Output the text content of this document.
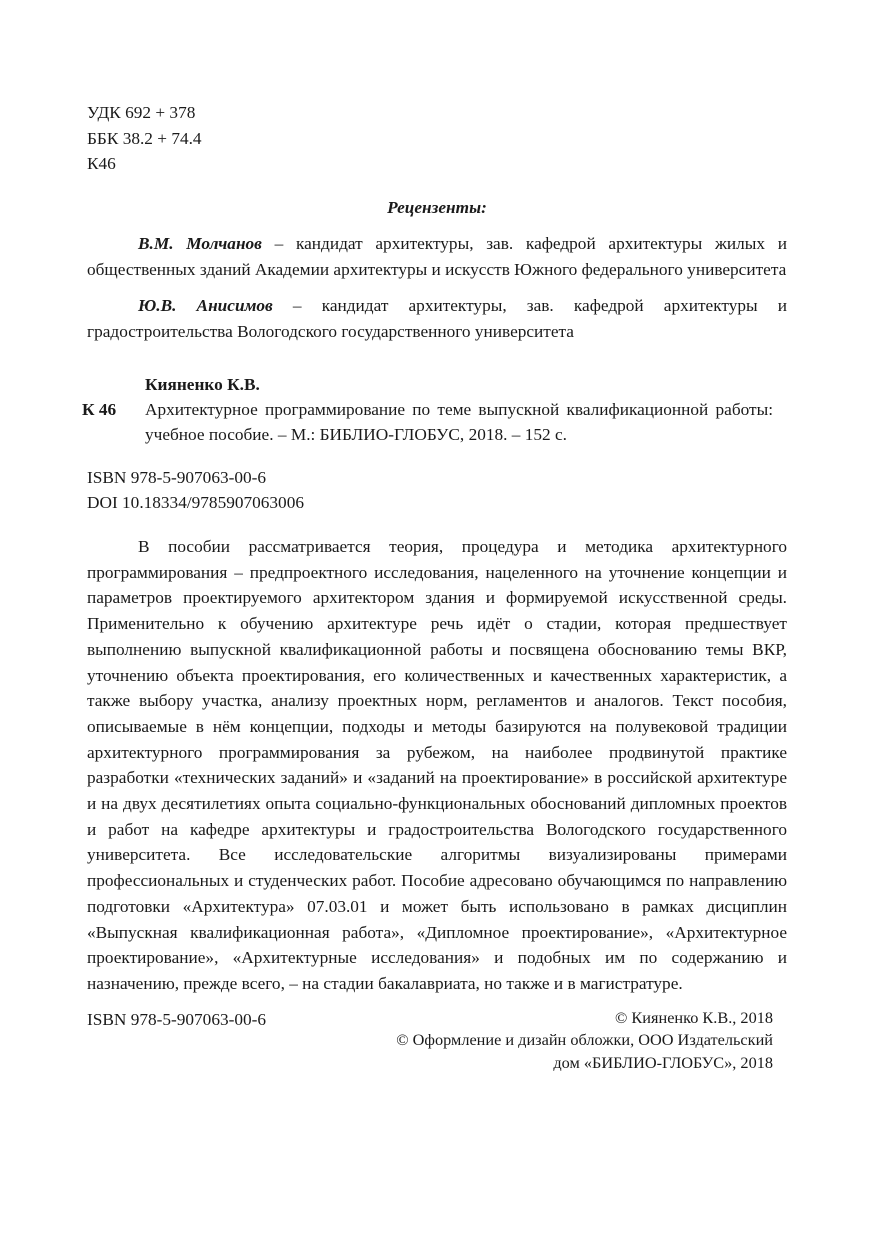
УДК 692 + 378
ББК 38.2 + 74.4
К46
Рецензенты:
В.М. Молчанов – кандидат архитектуры, зав. кафедрой архитектуры жилых и общественных зданий Академии архитектуры и искусств Южного федерального университета
Ю.В. Анисимов – кандидат архитектуры, зав. кафедрой архитектуры и градостроительства Вологодского государственного университета
К 46
Кияненко К.В.
Архитектурное программирование по теме выпускной квалификационной работы: учебное пособие. – М.: БИБЛИО-ГЛОБУС, 2018. – 152 с.
ISBN 978-5-907063-00-6
DOI 10.18334/9785907063006
В пособии рассматривается теория, процедура и методика архитектурного программирования – предпроектного исследования, нацеленного на уточнение концепции и параметров проектируемого архитектором здания и формируемой искусственной среды. Применительно к обучению архитектуре речь идёт о стадии, которая предшествует выполнению выпускной квалификационной работы и посвящена обоснованию темы ВКР, уточнению объекта проектирования, его количественных и качественных характеристик, а также выбору участка, анализу проектных норм, регламентов и аналогов. Текст пособия, описываемые в нём концепции, подходы и методы базируются на полувековой традиции архитектурного программирования за рубежом, на наиболее продвинутой практике разработки «технических заданий» и «заданий на проектирование» в российской архитектуре и на двух десятилетиях опыта социально-функциональных обоснований дипломных проектов и работ на кафедре архитектуры и градостроительства Вологодского государственного университета. Все исследовательские алгоритмы визуализированы примерами профессиональных и студенческих работ. Пособие адресовано обучающимся по направлению подготовки «Архитектура» 07.03.01 и может быть использовано в рамках дисциплин «Выпускная квалификационная работа», «Дипломное проектирование», «Архитектурное проектирование», «Архитектурные исследования» и подобных им по содержанию и назначению, прежде всего, – на стадии бакалавриата, но также и в магистратуре.
ISBN 978-5-907063-00-6	© Кияненко К.В., 2018
© Оформление и дизайн обложки, ООО Издательский
дом «БИБЛИО-ГЛОБУС», 2018
